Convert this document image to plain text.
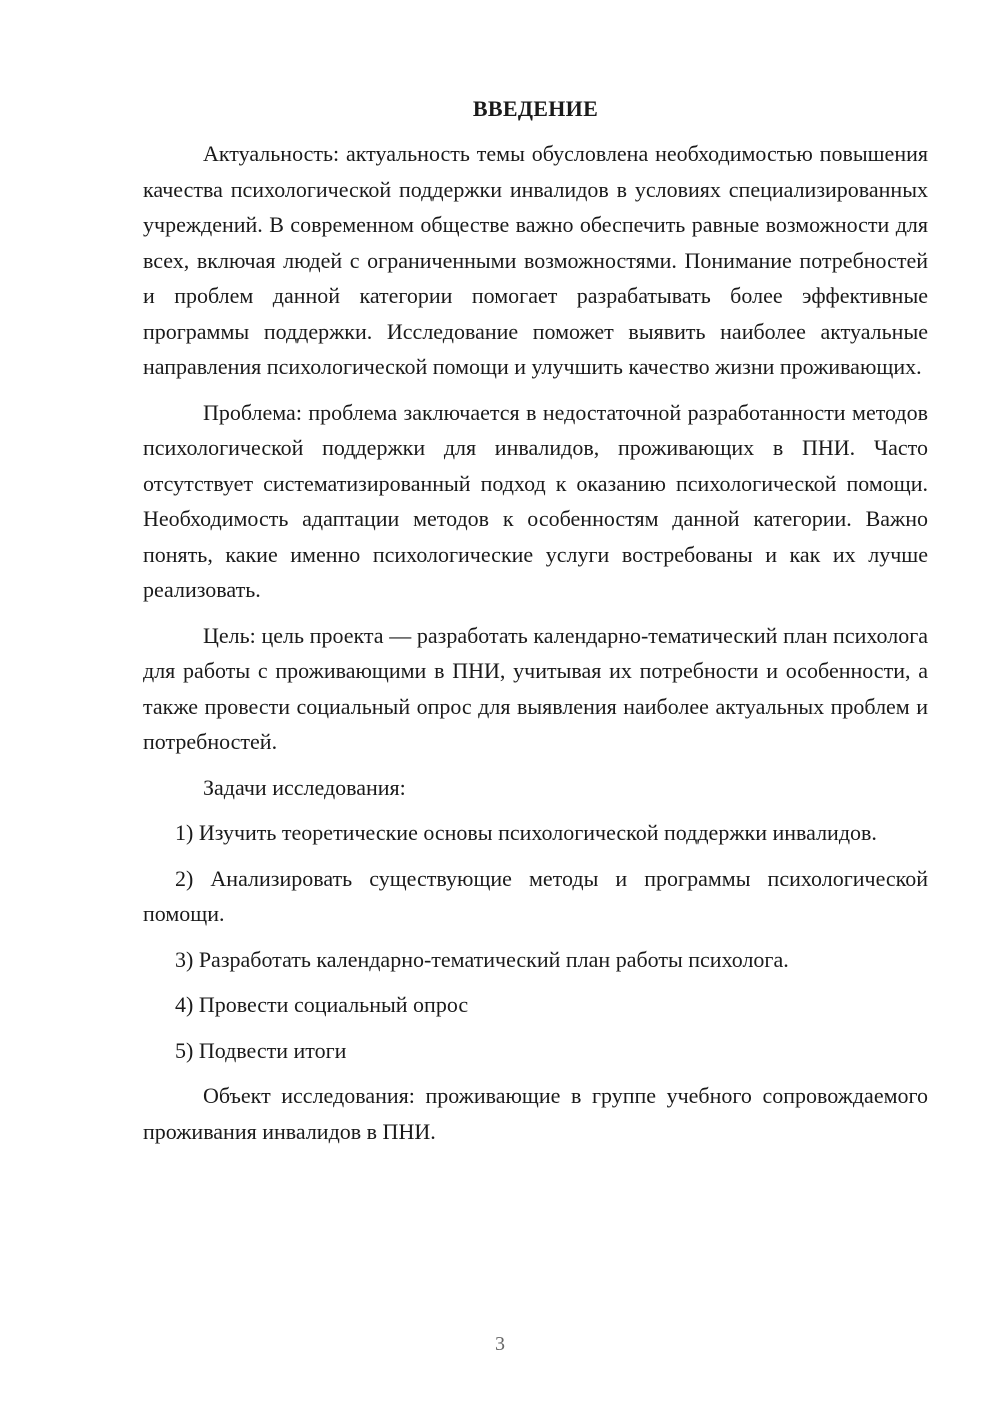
ВВЕДЕНИЕ

Актуальность: актуальность темы обусловлена необходимостью повышения качества психологической поддержки инвалидов в условиях специализированных учреждений. В современном обществе важно обеспечить равные возможности для всех, включая людей с ограниченными возможностями. Понимание потребностей и проблем данной категории помогает разрабатывать более эффективные программы поддержки. Исследование поможет выявить наиболее актуальные направления психологической помощи и улучшить качество жизни проживающих.

Проблема: проблема заключается в недостаточной разработанности методов психологической поддержки для инвалидов, проживающих в ПНИ. Часто отсутствует систематизированный подход к оказанию психологической помощи. Необходимость адаптации методов к особенностям данной категории. Важно понять, какие именно психологические услуги востребованы и как их лучше реализовать.

Цель: цель проекта — разработать календарно-тематический план психолога для работы с проживающими в ПНИ, учитывая их потребности и особенности, а также провести социальный опрос для выявления наиболее актуальных проблем и потребностей.

Задачи исследования:

1) Изучить теоретические основы психологической поддержки инвалидов.

2) Анализировать существующие методы и программы психологической помощи.

3) Разработать календарно-тематический план работы психолога.

4) Провести социальный опрос

5) Подвести итоги

Объект исследования: проживающие в группе учебного сопровождаемого проживания инвалидов в ПНИ.

3
